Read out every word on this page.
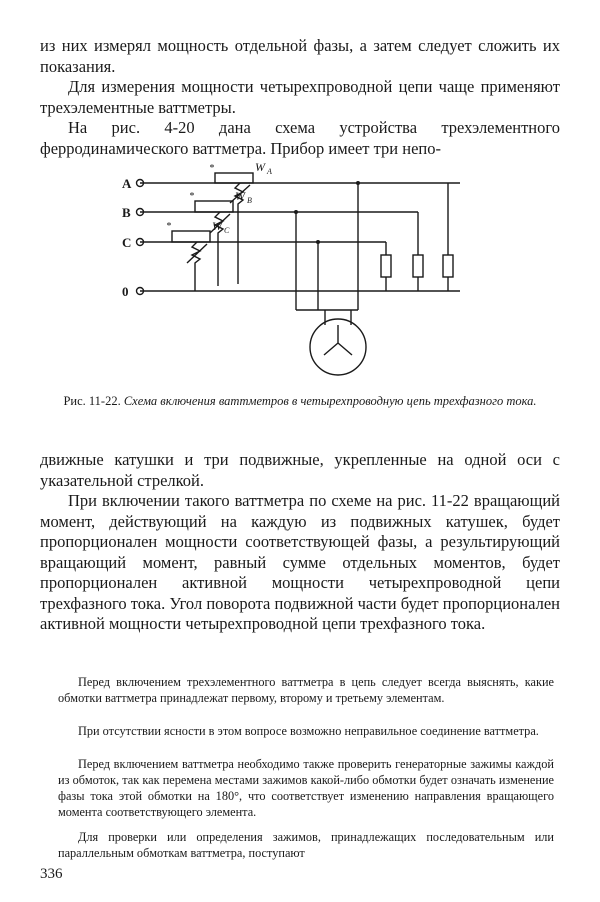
из них измерял мощность отдельной фазы, а затем следует сложить их показания.

Для измерения мощности четырехпроводной цепи чаще применяют трехэлементные ваттметры.

На рис. 4-20 дана схема устройства трехэлементного ферродинамического ваттметра. Прибор имеет три непо-

A
B
C
0
W A
W B
W C
*
*
*

Рис. 11-22. Схема включения ваттметров в четырехпроводную цепь трехфазного тока.

движные катушки и три подвижные, укрепленные на одной оси с указательной стрелкой.

При включении такого ваттметра по схеме на рис. 11-22 вращающий момент, действующий на каждую из подвижных катушек, будет пропорционален мощности соответствующей фазы, а результирующий вращающий момент, равный сумме отдельных моментов, будет пропорционален активной мощности четырехпроводной цепи трехфазного тока. Угол поворота подвижной части будет пропорционален активной мощности четырехпроводной цепи трехфазного тока.

Перед включением трехэлементного ваттметра в цепь следует всегда выяснять, какие обмотки ваттметра принадлежат первому, второму и третьему элементам.

При отсутствии ясности в этом вопросе возможно неправильное соединение ваттметра.

Перед включением ваттметра необходимо также проверить генераторные зажимы каждой из обмоток, так как перемена местами зажимов какой-либо обмотки будет означать изменение фазы тока этой обмотки на 180°, что соответствует изменению направления вращающего момента соответствующего элемента.

Для проверки или определения зажимов, принадлежащих последовательным или параллельным обмоткам ваттметра, поступают

336
